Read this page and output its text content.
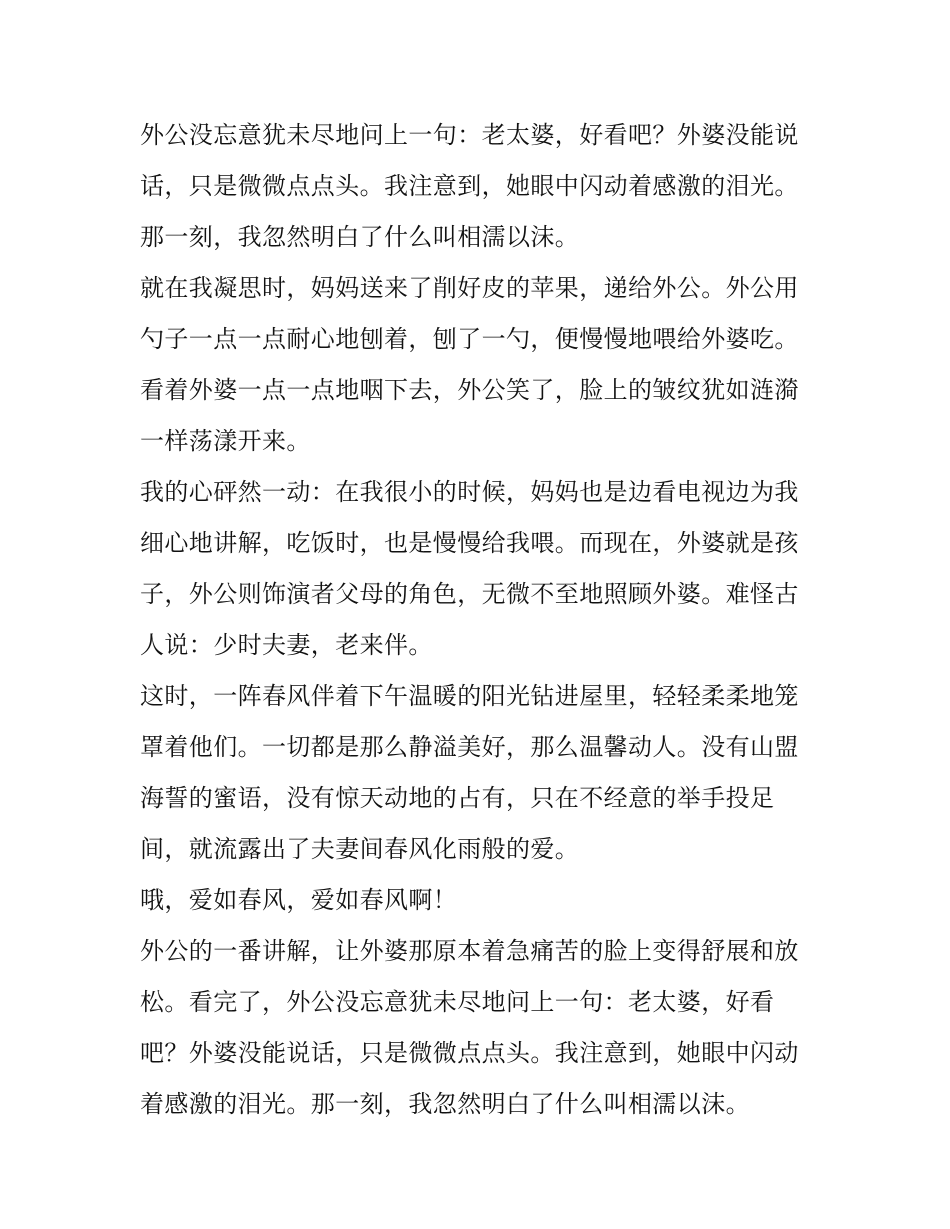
外公没忘意犹未尽地问上一句：老太婆，好看吧？外婆没能说
话，只是微微点点头。我注意到，她眼中闪动着感激的泪光。
那一刻，我忽然明白了什么叫相濡以沫。
就在我凝思时，妈妈送来了削好皮的苹果，递给外公。外公用
勺子一点一点耐心地刨着，刨了一勺，便慢慢地喂给外婆吃。
看着外婆一点一点地咽下去，外公笑了，脸上的皱纹犹如涟漪
一样荡漾开来。
我的心砰然一动：在我很小的时候，妈妈也是边看电视边为我
细心地讲解，吃饭时，也是慢慢给我喂。而现在，外婆就是孩
子，外公则饰演者父母的角色，无微不至地照顾外婆。难怪古
人说：少时夫妻，老来伴。
这时，一阵春风伴着下午温暖的阳光钻进屋里，轻轻柔柔地笼
罩着他们。一切都是那么静溢美好，那么温馨动人。没有山盟
海誓的蜜语，没有惊天动地的占有，只在不经意的举手投足
间，就流露出了夫妻间春风化雨般的爱。
哦，爱如春风，爱如春风啊！
外公的一番讲解，让外婆那原本着急痛苦的脸上变得舒展和放
松。看完了，外公没忘意犹未尽地问上一句：老太婆，好看
吧？外婆没能说话，只是微微点点头。我注意到，她眼中闪动
着感激的泪光。那一刻，我忽然明白了什么叫相濡以沫。
